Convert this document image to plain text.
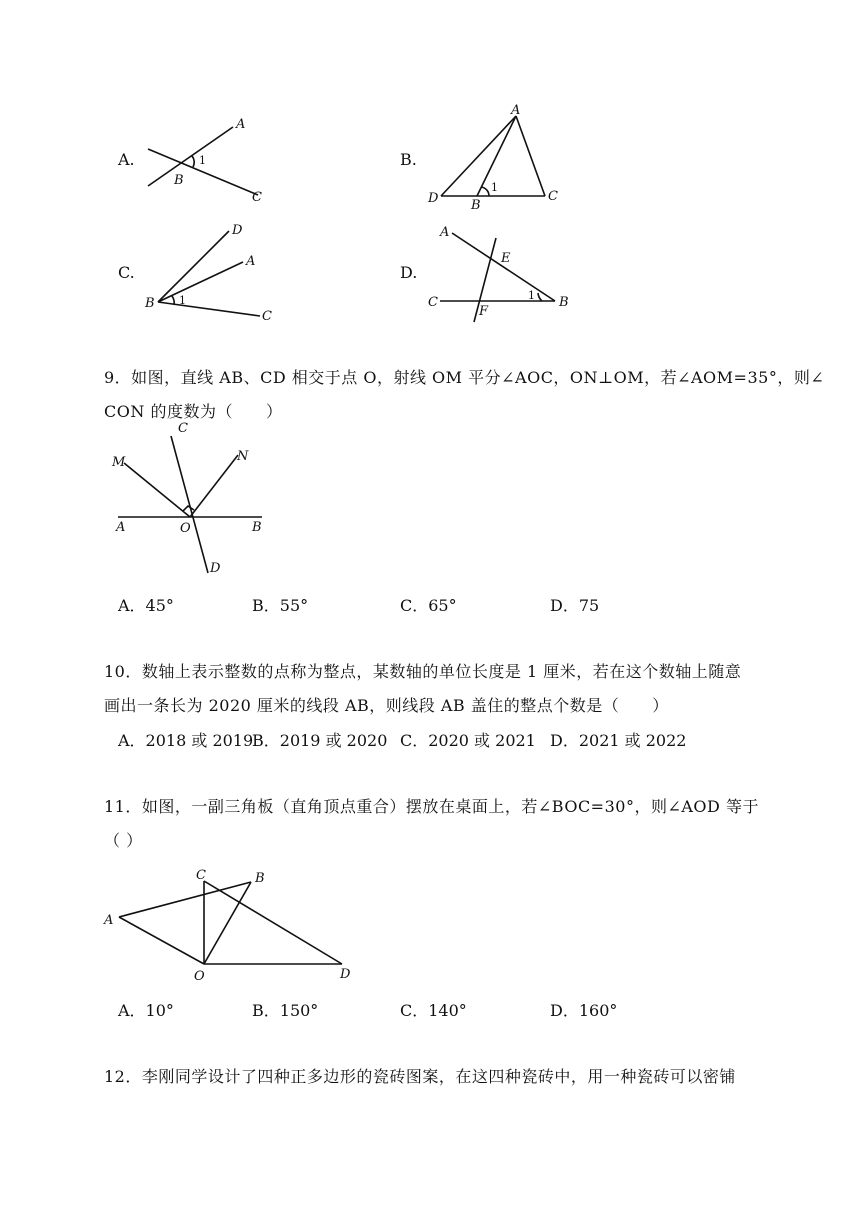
A.
A
B
C
1	B.
A
D	B
C
1
C.
D
A
B
C
1
D.
A
E
C
F
B
1
9．如图，直线 AB、CD 相交于点 O，射线 OM 平分∠AOC，ON⊥OM，若∠AOM=35°，则∠
CON 的度数为（　　）
C
M	N
A	O	B
D
A．45°	B．55°	C．65°	D．75
10．数轴上表示整数的点称为整点，某数轴的单位长度是 1 厘米，若在这个数轴上随意
画出一条长为 2020 厘米的线段 AB，则线段 AB 盖住的整点个数是（　　）
A．2018 或 2019
B．2019 或 2020 C．2020 或 2021 D．2021 或 2022
11．如图，一副三角板（直角顶点重合）摆放在桌面上，若∠BOC=30°，则∠AOD 等于
（ ）
C	B
A
O	D
A．10°	B．150°	C．140°	D．160°
12．李刚同学设计了四种正多边形的瓷砖图案，在这四种瓷砖中，用一种瓷砖可以密铺
